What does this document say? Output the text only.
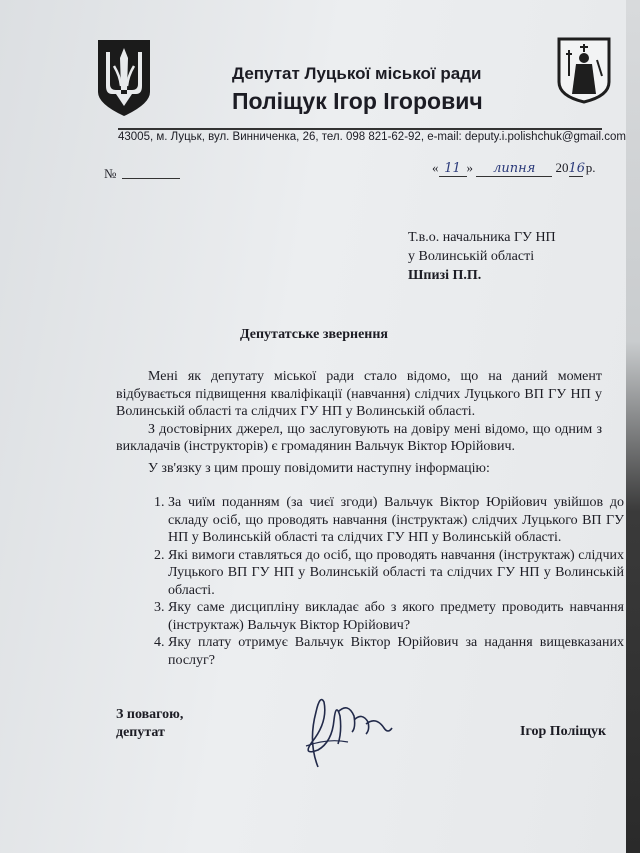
Депутат Луцької міської ради
Поліщук Ігор Ігорович
43005, м. Луцьк, вул. Винниченка, 26, тел. 098 821-62-92, e-mail: deputy.i.polishchuk@gmail.com
№	« 11 » липня 2016 р.
Т.в.о. начальника ГУ НП
у Волинській області
Шпизі П.П.
Депутатське звернення

Мені як депутату міської ради стало відомо, що на даний момент відбувається підвищення кваліфікації (навчання) слідчих Луцького ВП ГУ НП у Волинській області та слідчих ГУ НП у Волинській області.

З достовірних джерел, що заслуговують на довіру мені відомо, що одним з викладачів (інструкторів) є громадянин Вальчук Віктор Юрійович.

У зв'язку з цим прошу повідомити наступну інформацію:
1. За чиїм поданням (за чиєї згоди) Вальчук Віктор Юрійович увійшов до складу осіб, що проводять навчання (інструктаж) слідчих Луцького ВП ГУ НП у Волинській області та слідчих ГУ НП у Волинській області.
2. Які вимоги ставляться до осіб, що проводять навчання (інструктаж) слідчих Луцького ВП ГУ НП у Волинській області та слідчих ГУ НП у Волинській області.
3. Яку саме дисципліну викладає або з якого предмету проводить навчання (інструктаж) Вальчук Віктор Юрійович?
4. Яку плату отримує Вальчук Віктор Юрійович за надання вищевказаних послуг?
З повагою,
депутат	Ігор Поліщук
